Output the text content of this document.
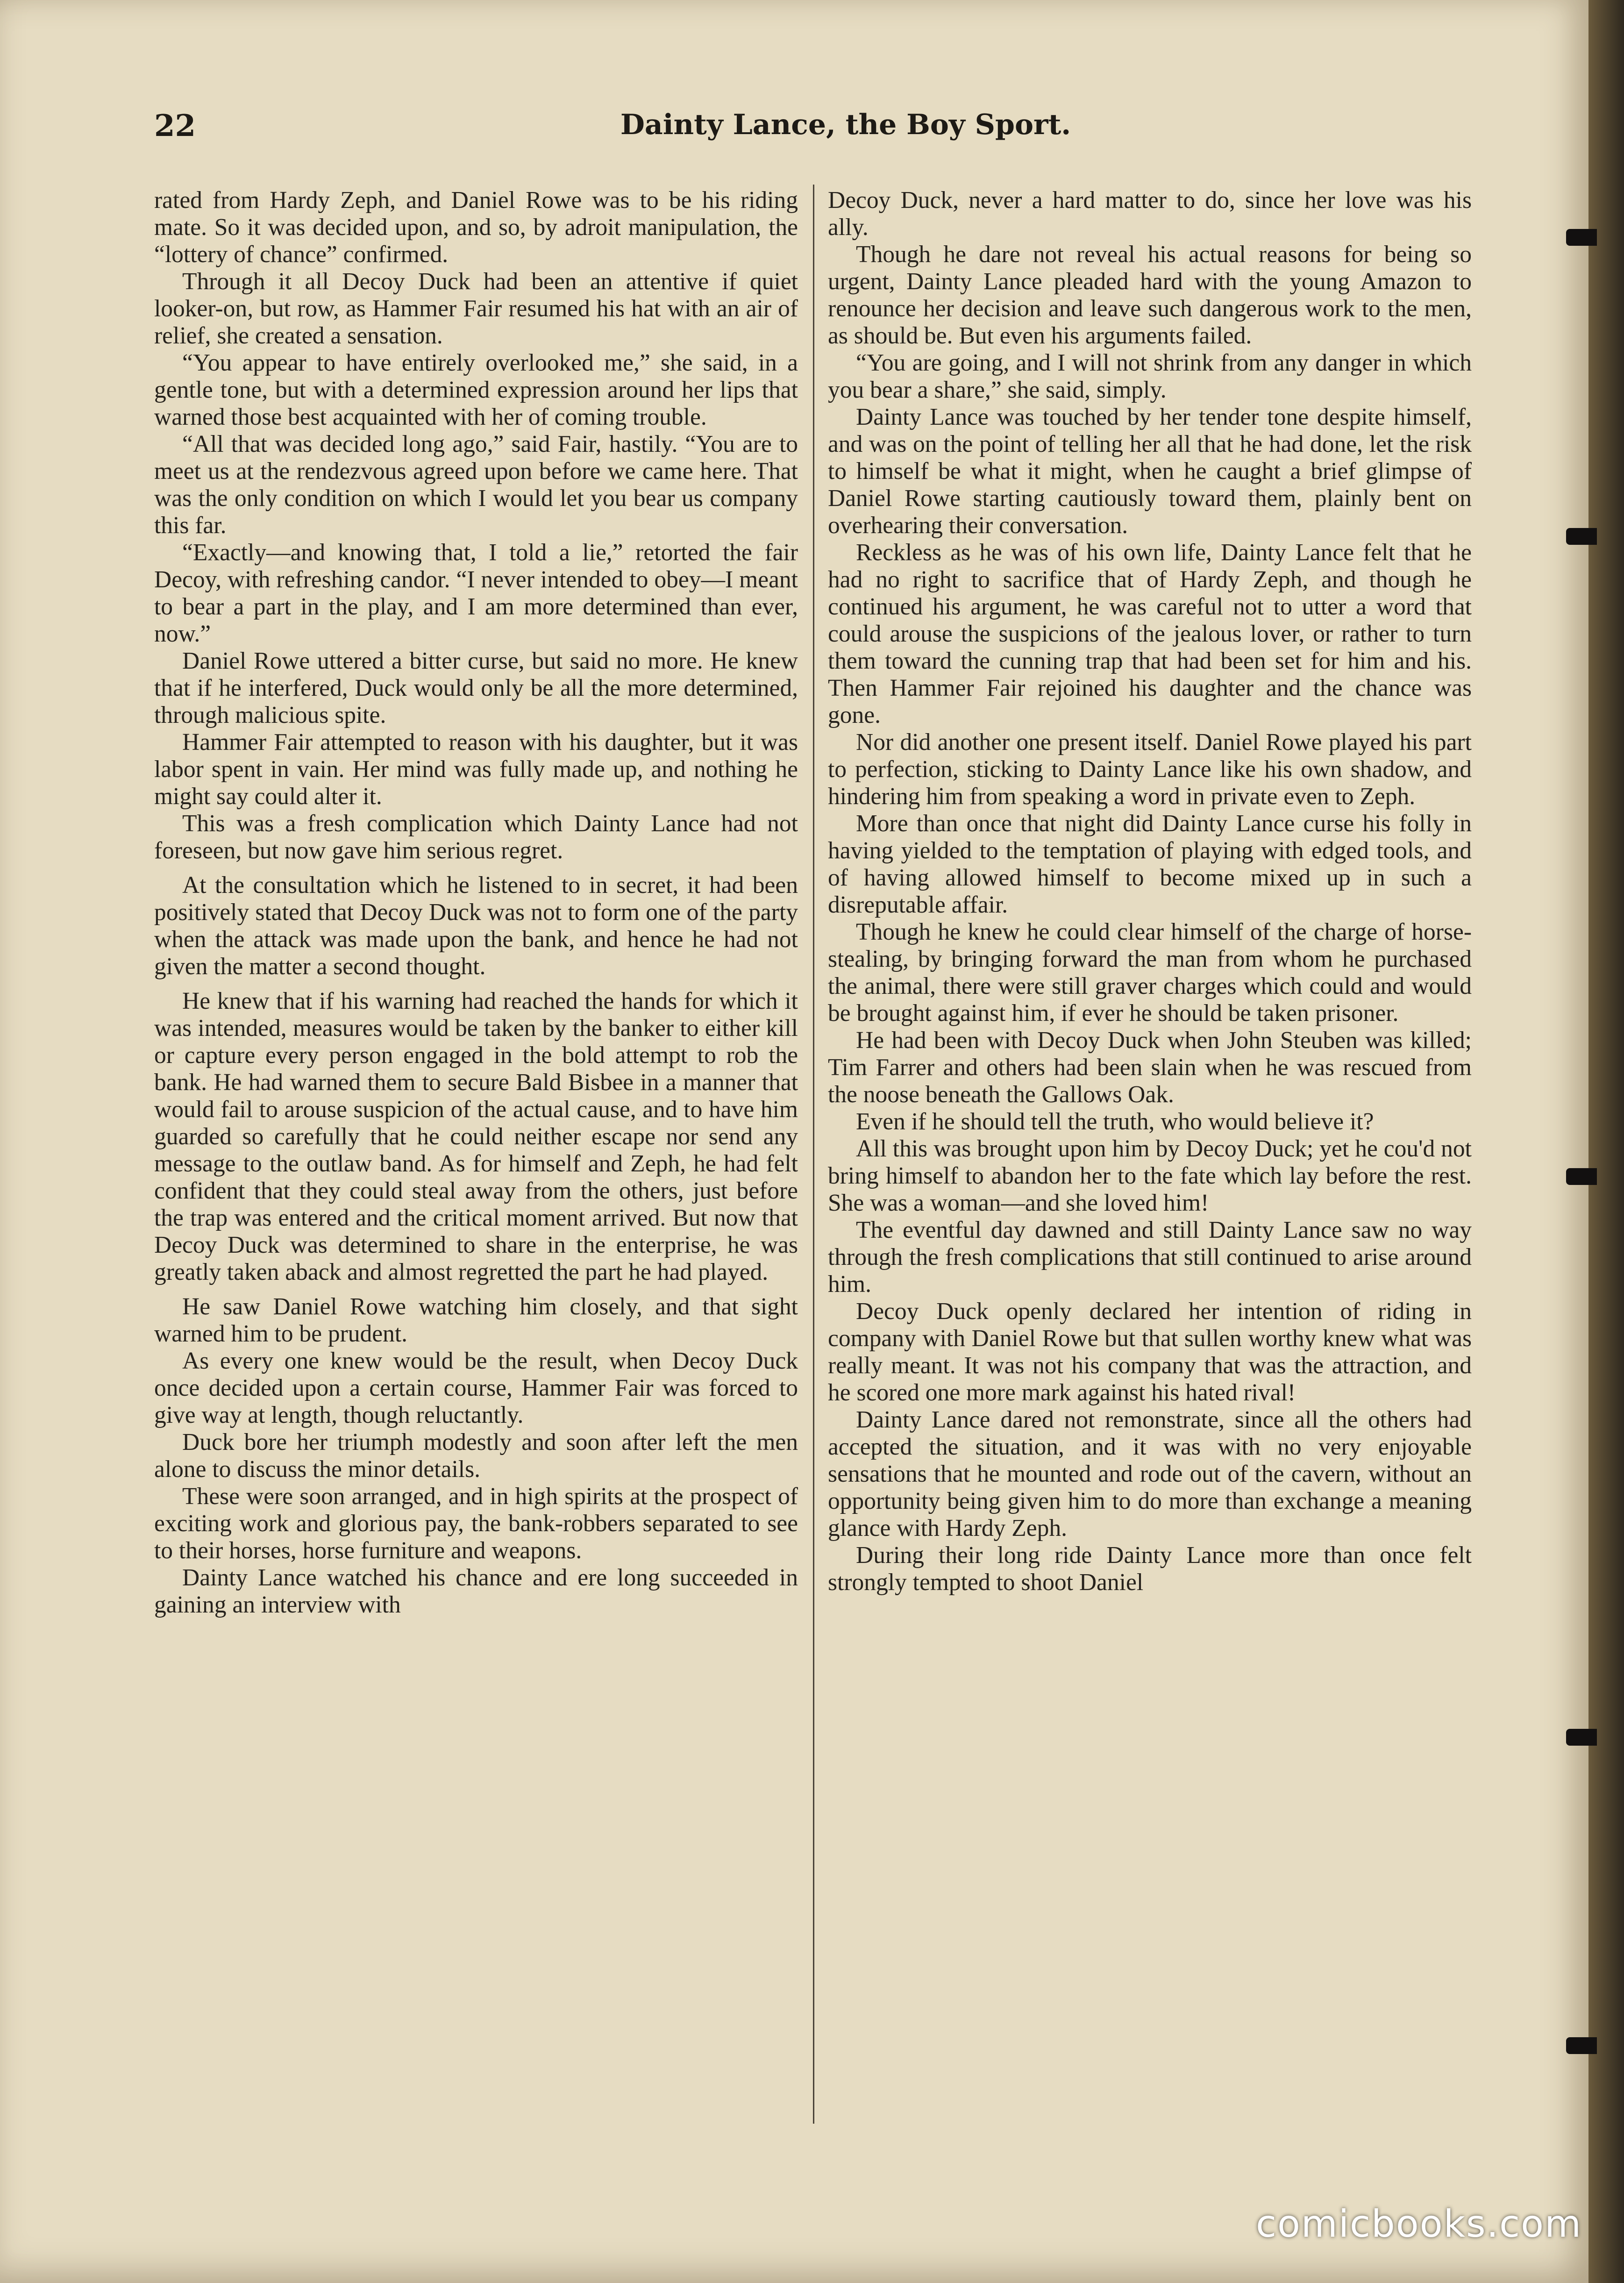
22	Dainty Lance, the Boy Sport.

rated from Hardy Zeph, and Daniel Rowe was to be his riding mate. So it was decided upon, and so, by adroit manipulation, the “lottery of chance” confirmed.

Through it all Decoy Duck had been an attentive if quiet looker-on, but row, as Hammer Fair resumed his hat with an air of relief, she created a sensation.

“You appear to have entirely overlooked me,” she said, in a gentle tone, but with a determined expression around her lips that warned those best acquainted with her of coming trouble.

“All that was decided long ago,” said Fair, hastily. “You are to meet us at the rendezvous agreed upon before we came here. That was the only condition on which I would let you bear us company this far.

“Exactly—and knowing that, I told a lie,” retorted the fair Decoy, with refreshing candor. “I never intended to obey—I meant to bear a part in the play, and I am more determined than ever, now.”

Daniel Rowe uttered a bitter curse, but said no more. He knew that if he interfered, Duck would only be all the more determined, through malicious spite.

Hammer Fair attempted to reason with his daughter, but it was labor spent in vain. Her mind was fully made up, and nothing he might say could alter it.

This was a fresh complication which Dainty Lance had not foreseen, but now gave him serious regret.

At the consultation which he listened to in secret, it had been positively stated that Decoy Duck was not to form one of the party when the attack was made upon the bank, and hence he had not given the matter a second thought.

He knew that if his warning had reached the hands for which it was intended, measures would be taken by the banker to either kill or capture every person engaged in the bold attempt to rob the bank. He had warned them to secure Bald Bisbee in a manner that would fail to arouse suspicion of the actual cause, and to have him guarded so carefully that he could neither escape nor send any message to the outlaw band. As for himself and Zeph, he had felt confident that they could steal away from the others, just before the trap was entered and the critical moment arrived. But now that Decoy Duck was determined to share in the enterprise, he was greatly taken aback and almost regretted the part he had played.

He saw Daniel Rowe watching him closely, and that sight warned him to be prudent.

As every one knew would be the result, when Decoy Duck once decided upon a certain course, Hammer Fair was forced to give way at length, though reluctantly.

Duck bore her triumph modestly and soon after left the men alone to discuss the minor details.

These were soon arranged, and in high spirits at the prospect of exciting work and glorious pay, the bank-robbers separated to see to their horses, horse furniture and weapons.

Dainty Lance watched his chance and ere long succeeded in gaining an interview with

Decoy Duck, never a hard matter to do, since her love was his ally.

Though he dare not reveal his actual reasons for being so urgent, Dainty Lance pleaded hard with the young Amazon to renounce her decision and leave such dangerous work to the men, as should be. But even his arguments failed.

“You are going, and I will not shrink from any danger in which you bear a share,” she said, simply.

Dainty Lance was touched by her tender tone despite himself, and was on the point of telling her all that he had done, let the risk to himself be what it might, when he caught a brief glimpse of Daniel Rowe starting cautiously toward them, plainly bent on overhearing their conversation.

Reckless as he was of his own life, Dainty Lance felt that he had no right to sacrifice that of Hardy Zeph, and though he continued his argument, he was careful not to utter a word that could arouse the suspicions of the jealous lover, or rather to turn them toward the cunning trap that had been set for him and his. Then Hammer Fair rejoined his daughter and the chance was gone.

Nor did another one present itself. Daniel Rowe played his part to perfection, sticking to Dainty Lance like his own shadow, and hindering him from speaking a word in private even to Zeph.

More than once that night did Dainty Lance curse his folly in having yielded to the temptation of playing with edged tools, and of having allowed himself to become mixed up in such a disreputable affair.

Though he knew he could clear himself of the charge of horse-stealing, by bringing forward the man from whom he purchased the animal, there were still graver charges which could and would be brought against him, if ever he should be taken prisoner.

He had been with Decoy Duck when John Steuben was killed; Tim Farrer and others had been slain when he was rescued from the noose beneath the Gallows Oak.

Even if he should tell the truth, who would believe it?

All this was brought upon him by Decoy Duck; yet he cou'd not bring himself to abandon her to the fate which lay before the rest. She was a woman—and she loved him!

The eventful day dawned and still Dainty Lance saw no way through the fresh complications that still continued to arise around him.

Decoy Duck openly declared her intention of riding in company with Daniel Rowe but that sullen worthy knew what was really meant. It was not his company that was the attraction, and he scored one more mark against his hated rival!

Dainty Lance dared not remonstrate, since all the others had accepted the situation, and it was with no very enjoyable sensations that he mounted and rode out of the cavern, without an opportunity being given him to do more than exchange a meaning glance with Hardy Zeph.

During their long ride Dainty Lance more than once felt strongly tempted to shoot Daniel

comicbooks.com
